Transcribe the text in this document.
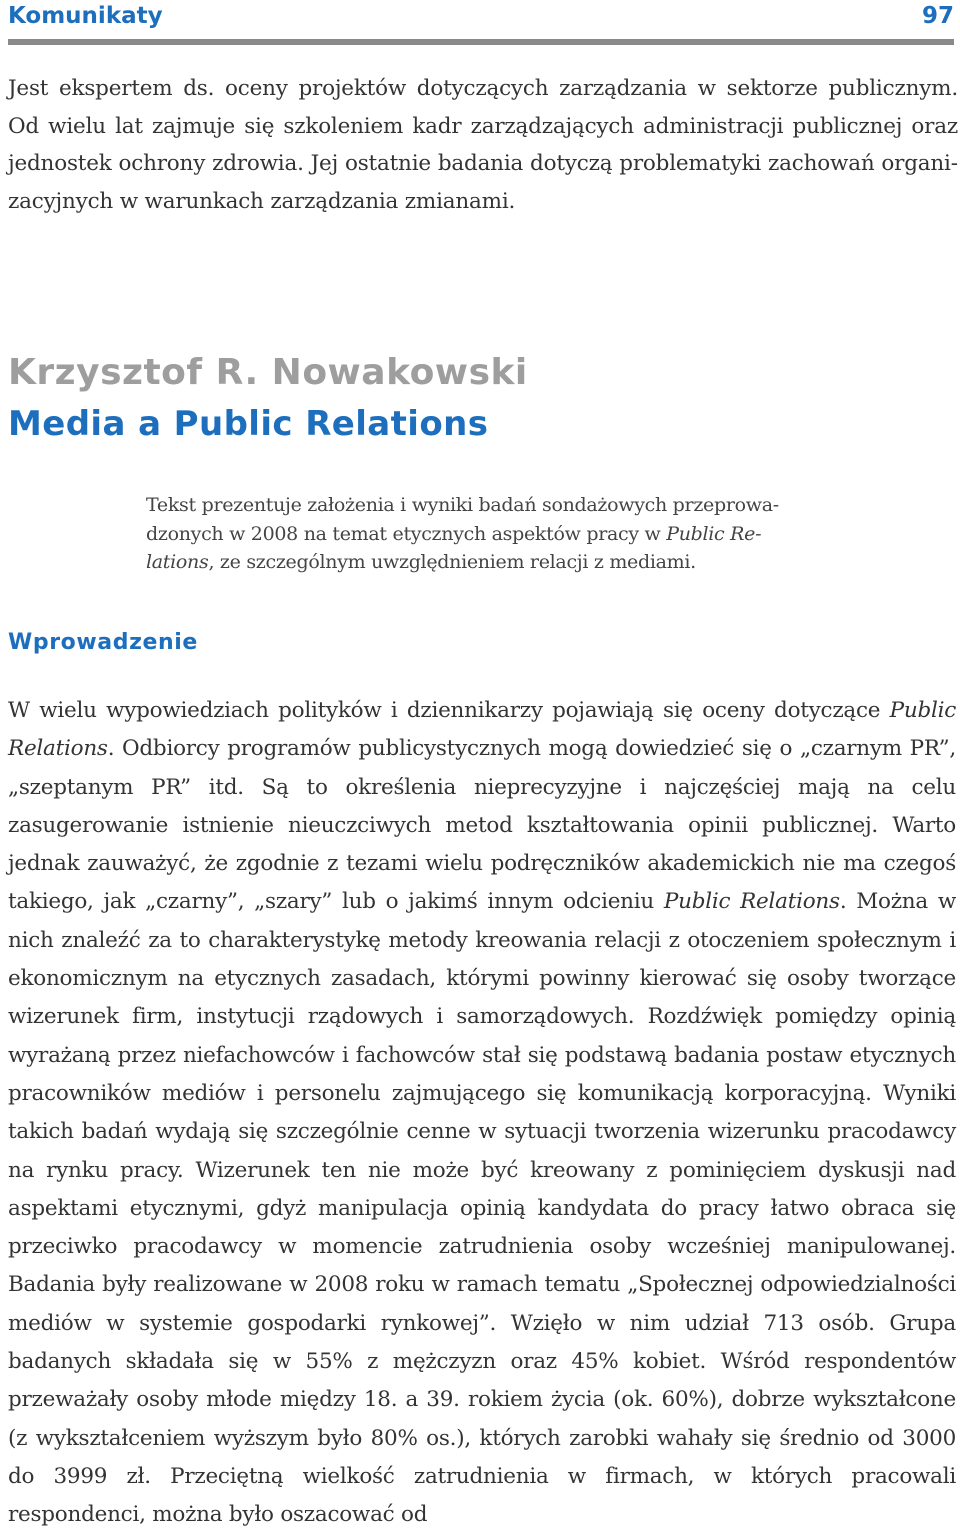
Komunikaty	97

Jest ekspertem ds. oceny projektów dotyczących zarządzania w sektorze publicznym. Od wielu lat zajmuje się szkoleniem kadr zarządzających administracji publicznej oraz jednostek ochrony zdrowia. Jej ostatnie badania dotyczą problematyki zachowań organizacyjnych w warunkach zarządzania zmianami.

Krzysztof R. Nowakowski
Media a Public Relations

Tekst prezentuje założenia i wyniki badań sondażowych przeprowadzonych w 2008 na temat etycznych aspektów pracy w Public Relations, ze szczególnym uwzględnieniem relacji z mediami.

Wprowadzenie

W wielu wypowiedziach polityków i dziennikarzy pojawiają się oceny dotyczące Public Relations. Odbiorcy programów publicystycznych mogą dowiedzieć się o „czarnym PR”, „szeptanym PR” itd. Są to określenia nieprecyzyjne i najczęściej mają na celu zasugerowanie istnienie nieuczciwych metod kształtowania opinii publicznej. Warto jednak zauważyć, że zgodnie z tezami wielu podręczników akademickich nie ma czegoś takiego, jak „czarny”, „szary” lub o jakimś innym odcieniu Public Relations. Można w nich znaleźć za to charakterystykę metody kreowania relacji z otoczeniem społecznym i ekonomicznym na etycznych zasadach, którymi powinny kierować się osoby tworzące wizerunek firm, instytucji rządowych i samorządowych. Rozdźwięk pomiędzy opinią wyrażaną przez niefachowców i fachowców stał się podstawą badania postaw etycznych pracowników mediów i personelu zajmującego się komunikacją korporacyjną. Wyniki takich badań wydają się szczególnie cenne w sytuacji tworzenia wizerunku pracodawcy na rynku pracy. Wizerunek ten nie może być kreowany z pominięciem dyskusji nad aspektami etycznymi, gdyż manipulacja opinią kandydata do pracy łatwo obraca się przeciwko pracodawcy w momencie zatrudnienia osoby wcześniej manipulowanej. Badania były realizowane w 2008 roku w ramach tematu „Społecznej odpowiedzialności mediów w systemie gospodarki rynkowej”. Wzięło w nim udział 713 osób. Grupa badanych składała się w 55% z mężczyzn oraz 45% kobiet. Wśród respondentów przeważały osoby młode między 18. a 39. rokiem życia (ok. 60%), dobrze wykształcone (z wykształceniem wyższym było 80% os.), których zarobki wahały się średnio od 3000 do 3999 zł. Przeciętną wielkość zatrudnienia w firmach, w których pracowali respondenci, można było oszacować od
